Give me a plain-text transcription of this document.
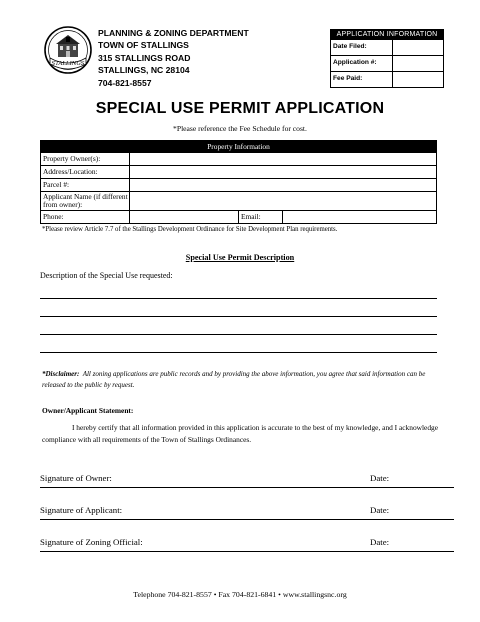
STALLINGS
PLANNING & ZONING DEPARTMENT
TOWN OF STALLINGS
315 STALLINGS ROAD
STALLINGS, NC 28104
704-821-8557
APPLICATION INFORMATION
Date Filed:
Application #:
Fee Paid:
SPECIAL USE PERMIT APPLICATION
*Please reference the Fee Schedule for cost.
Property Information
Property Owner(s):
Address/Location:
Parcel #:
Applicant Name (if different from owner):
Phone:	Email:
*Please review Article 7.7 of the Stallings Development Ordinance for Site Development Plan requirements.
Special Use Permit Description
Description of the Special Use requested:
*Disclaimer: All zoning applications are public records and by providing the above information, you agree that said information can be released to the public by request.
Owner/Applicant Statement:
I hereby certify that all information provided in this application is accurate to the best of my knowledge, and I acknowledge compliance with all requirements of the Town of Stallings Ordinances.
Signature of Owner:	Date:
Signature of Applicant:	Date:
Signature of Zoning Official:	Date:
Telephone 704-821-8557 • Fax 704-821-6841 • www.stallingsnc.org
